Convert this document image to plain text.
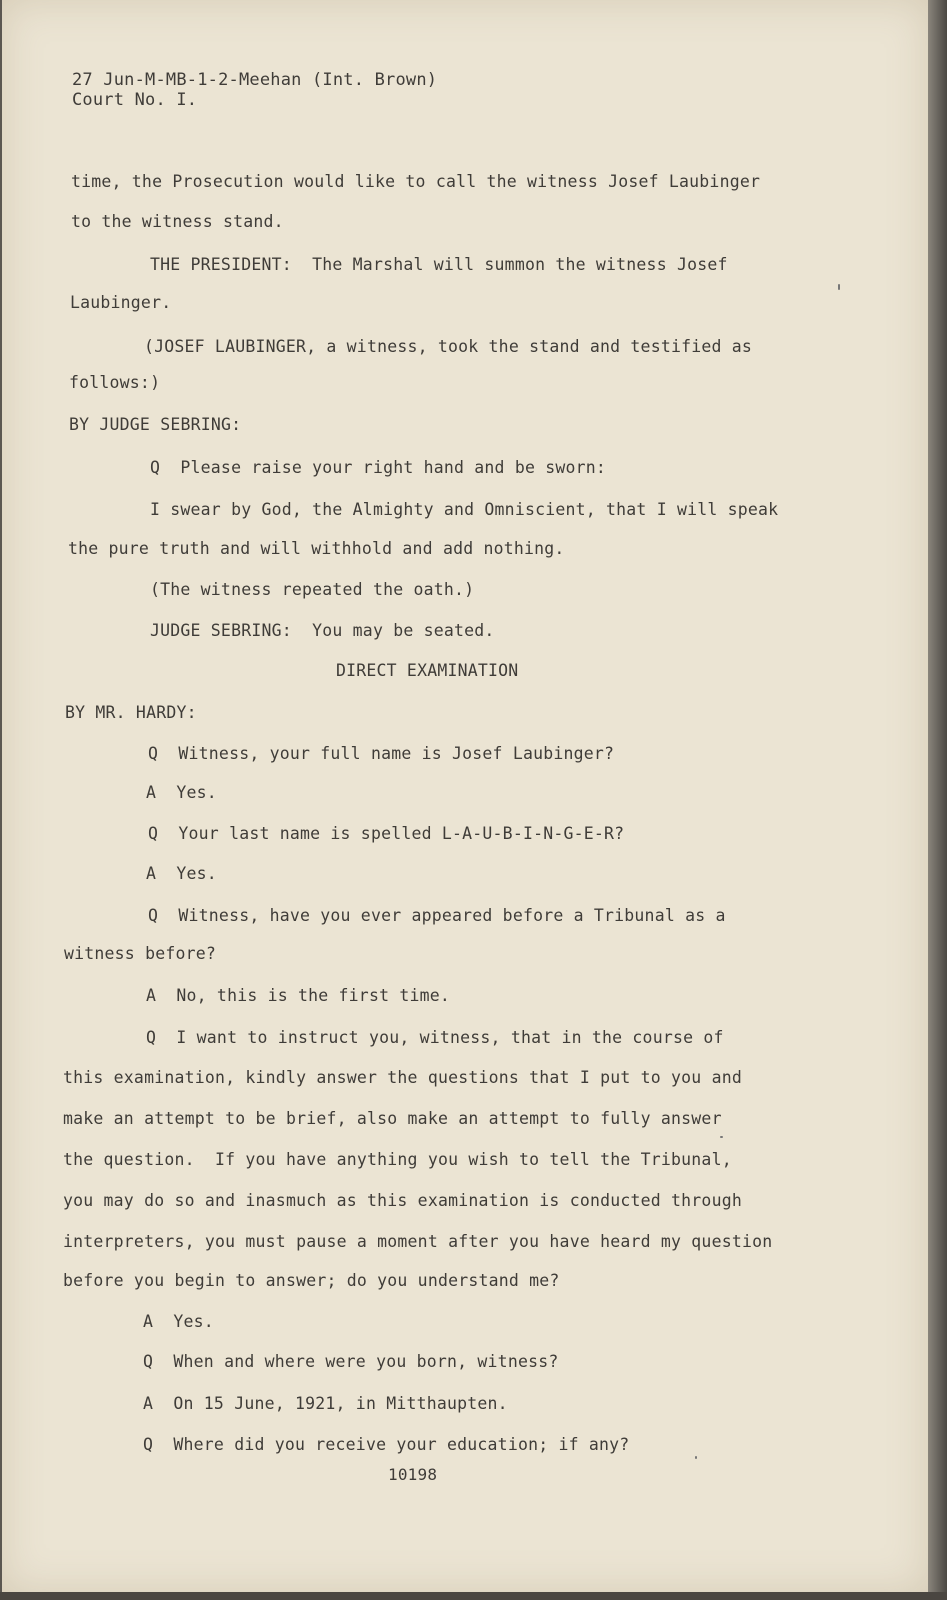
27 Jun-M-MB-1-2-Meehan (Int. Brown)

Court No. I.

time, the Prosecution would like to call the witness Josef Laubinger

to the witness stand.

THE PRESIDENT:  The Marshal will summon the witness Josef

Laubinger.

(JOSEF LAUBINGER, a witness, took the stand and testified as

follows:)

BY JUDGE SEBRING:

Q  Please raise your right hand and be sworn:

I swear by God, the Almighty and Omniscient, that I will speak

the pure truth and will withhold and add nothing.

(The witness repeated the oath.)

JUDGE SEBRING:  You may be seated.

DIRECT EXAMINATION

BY MR. HARDY:

Q  Witness, your full name is Josef Laubinger?

A  Yes.

Q  Your last name is spelled L-A-U-B-I-N-G-E-R?

A  Yes.

Q  Witness, have you ever appeared before a Tribunal as a

witness before?

A  No, this is the first time.

Q  I want to instruct you, witness, that in the course of

this examination, kindly answer the questions that I put to you and

make an attempt to be brief, also make an attempt to fully answer

the question.  If you have anything you wish to tell the Tribunal,

you may do so and inasmuch as this examination is conducted through

interpreters, you must pause a moment after you have heard my question

before you begin to answer; do you understand me?

A  Yes.

Q  When and where were you born, witness?

A  On 15 June, 1921, in Mitthaupten.

Q  Where did you receive your education; if any?

10198
